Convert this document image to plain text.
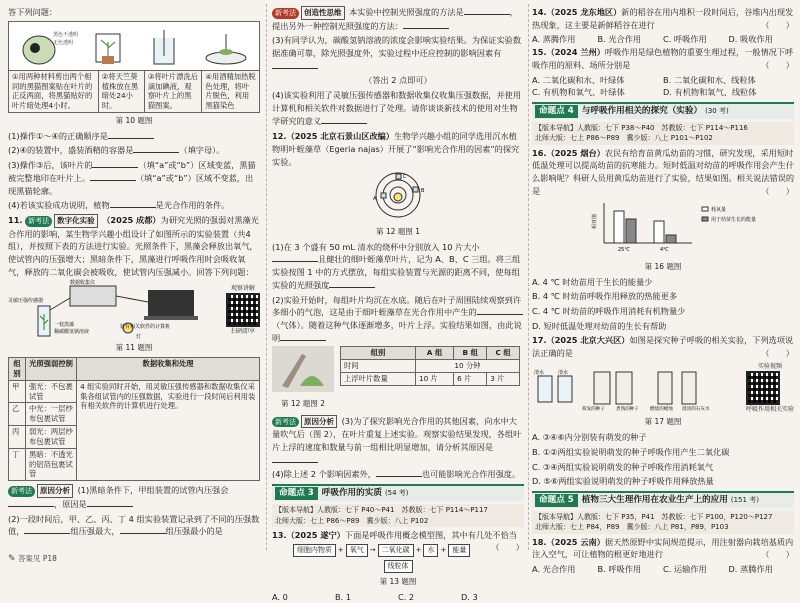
答下列问题：

黑色不透明
无色透明
①用两种材料剪出两个相同的黑猫图案贴在叶片的正反两面，将黑猫贴好的叶片暗处理4小时。	②将天竺葵植株放在黑暗处24小时。	③将叶片漂洗后滴加碘液，观察叶片上的黑猫图案。	④用酒精加热脱色处理，将叶片脱色，利用黑猫染色
第 10 题图

(1)操作①～④的正确顺序是

(2)④的装置中，盛装酒精的容器是	（填字母）。

(3)操作③后，该叶片的	（填“a”或“b”）区域变蓝，黑猫被完整地印在叶片上。	（填“a”或“b”）区域不变蓝，出现黑猫轮廓。

(4)若该实验成功说明，植物	是光合作用的条件。

11. 新考法 数字化实验 （2025 成都）为研究光照的强弱对黑藻光合作用的影响，某生物学兴趣小组设计了如图所示的实验装置（共4组），并按照下表的方法进行实验。光照条件下，黑藻会释放出氧气，使试管内的压强增大；黑暗条件下，黑藻进行呼吸作用时会吸收氧气，释放的二氧化碳会被吸收，使试管内压强减小。回答下列问题：

数据收集仪
灵敏压强传感器
装有相关软件的计算机
一枝黑藻
稀碳酸氢钠溶液
灯
观察讲解
扫码即享
第 11 题图
组别	光照强弱控制	数据收集和处理
甲	强光：不包裹试管	4 组实验同时开始，用灵敏压强传感器和数据收集仪采集各组试管内的压强数据，实验进行一段时间后利用装有相关软件的计算机进行处理。
乙	中光：一层纱布包裹试管	
丙	弱光：两层纱布包裹试管	
丁	黑暗：不透光的铝箔包裹试管	

新考法 原因分析 (1)黑暗条件下，甲组装置的试管内压强会，原因是

(2)一段时间后，甲、乙、丙、丁 4 组实验装置记录到了不同的压强数值，	组压强最大，	组压强最小的是

新考法 创造性思维 本实验中控制光照强度的方法是	，提出另外一种控制光照强度的方法：

(3)有同学认为，碳酸氢钠溶液的浓度会影响实验结果。为保证实验数据准确可靠，除光照强度外，实验过程中还应控制的影响因素有

（答出 2 点即可）

(4)该实验利用了灵敏压强传感器和数据收集仪收集压强数据，并使用计算机和相关软件对数据进行了处理。请你谈谈新技术的使用对生物学研究的意义

12.（2025 北京石景山区改编）生物学兴趣小组的同学选用沉水植物明叶蛭藻草（Egeria najas）开展了“影响光合作用的因素”的探究实验。

A
B
C
第 12 题图 1

(1)在 3 个盛有 50 mL 清水的烧杯中分别放入 10 片大小且健壮的细叶蛭藻草叶片，记为 A、B、C 三组。将三组实验按图 1 中的方式摆放，每组实验装置与光源的距离不同，使每组实验的光照强度

(2)实验开始时，每组叶片均沉在水底。随后在叶子周围陆续观察到许多细小的气泡，这是由于细叶蛭藻草在光合作用中产生的（气体）。随着这种气体逐渐增多，叶片上浮。实验结果如图，由此说明

第 12 题图 2
组别	A 组	B 组	C 组
时间	10 分钟		
上浮叶片数量	10 片	6 片	3 片

新考法 原因分析 (3)为了探究影响光合作用的其他因素，向水中大量吹气后（图 2），在叶片重复上述实验。观察实验结果发现，各组叶片上浮的速度和数量与前一组相比明显增加，请分析其原因是

(4)除上述 2 个影响因素外，	也可能影响光合作用强度。

命题点 3 呼吸作用的实质 (54 考)
【版本导航】人教版：七下 P40～P41　 苏教版：七下 P114～P117
北师大版：七上 P86～P89　 冀少版：八上 P102

13.（2025 遂宁）下面是呼吸作用概念模型图，其中有几处不恰当
（　　）

细胞内物质 + 氧气 → 二氧化碳 + 水 + 能量
线粒体
第 13 题图
A. 0	B. 1	C. 2	D. 3

14.（2025 龙东地区）新的稻谷在用内堆积一段时间后，谷堆内出现发热现象，这主要是新鲜稻谷在进行	（　　）

A. 蒸腾作用	B. 光合作用	C. 呼吸作用	D. 吸收作用

15.（2024 兰州）呼吸作用是绿色植物的重要生理过程，一般情况下呼吸作用的原料、场所分别是	（　　）

A. 二氧化碳和水、叶绿体	B. 二氧化碳和水、线粒体
C. 有机物和氧气、叶绿体	D. 有机物和氧气、线粒体
命题点 4 与呼吸作用相关的探究（实验） (30 考)
【版本导航】人教版：七下 P38～P40　 苏教版：七下 P114～P116
北师大版：七上 P86～P89　 冀少版：八上 P101～P102

16.（2025 烟台）农民有给育苗黄瓜幼苗的习惯，研究发现，采用短时低温处理可以提高幼苗的抗寒能力。短时低温对幼苗的呼吸作用会产生什么影响呢？科研人员用黄瓜幼苗进行了实验，结果如图。相关说法错误的是	（　　）

相对值
25℃	4℃
耗氧量
用于幼苗生长的能量
第 16 题图

A. 4 ℃ 时幼苗用于生长的能量少

B. 4 ℃ 时幼苗呼吸作用释放的热能更多

C. 4 ℃ 时幼苗的呼吸作用消耗有机物量少

D. 短时低温处理对幼苗的生长有帮助

17.（2025 北京大兴区）如图是探究种子呼吸的相关实验，下列选项说法正确的是	（　　）

清水	清水
萌发的种子 煮熟的种子 燃烧的蜡烛 澄清的石灰水
实验视频
呼吸作用相关实验
第 17 题图

A. ③④⑥内分别装有萌发的种子

B. ①②两组实验说明萌发的种子呼吸作用产生二氧化碳

C. ③④两组实验说明萌发的种子呼吸作用消耗氧气

D. ⑤⑥两组实验说明萌发的种子呼吸作用释放热量

命题点 5 植物三大生理作用在农业生产上的应用 (151 考)
【版本导航】人教版：七下 P35，P41　 苏教版：七下 P100，P120～P127
北师大版：七上 P84，P89　 冀少版：八上 P81，P89，P103

18.（2025 云南）据天然原野中实间规范提示，用注射器向栽培基质内注入空气，可让植物的根更好地进行	（　　）

A. 光合作用	B. 呼吸作用	C. 运输作用	D. 蒸腾作用
✎ 答案见 P18
